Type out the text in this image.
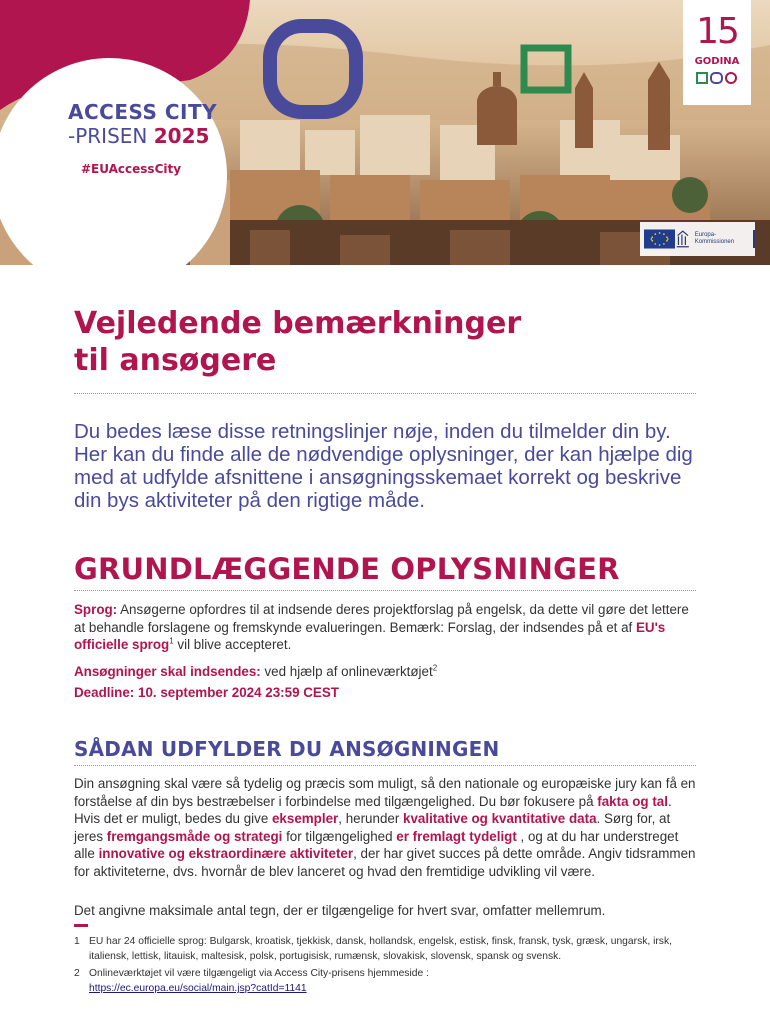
ACCESS CITY
-PRISEN 2025
#EUAccessCity
15
GODINA
Europa-Kommissionen
Vejledende bemærkninger
til ansøgere
Du bedes læse disse retningslinjer nøje, inden du tilmelder din by. Her kan du finde alle de nødvendige oplysninger, der kan hjælpe dig med at udfylde afsnittene i ansøgningsskemaet korrekt og beskrive din bys aktiviteter på den rigtige måde.
GRUNDLÆGGENDE OPLYSNINGER
Sprog: Ansøgerne opfordres til at indsende deres projektforslag på engelsk, da dette vil gøre det lettere at behandle forslagene og fremskynde evalueringen. Bemærk: Forslag, der indsendes på et af EU's officielle sprog$^1$ vil blive accepteret.
Ansøgninger skal indsendes: ved hjælp af onlineværktøjet$^2$
Deadline: 10. september 2024 23:59 CEST
SÅDAN UDFYLDER DU ANSØGNINGEN
Din ansøgning skal være så tydelig og præcis som muligt, så den nationale og europæiske jury kan få en forståelse af din bys bestræbelser i forbindelse med tilgængelighed. Du bør fokusere på fakta og tal. Hvis det er muligt, bedes du give eksempler, herunder kvalitative og kvantitative data. Sørg for, at jeres fremgangsmåde og strategi for tilgængelighed er fremlagt tydeligt , og at du har understreget alle innovative og ekstraordinære aktiviteter, der har givet succes på dette område. Angiv tidsrammen for aktiviteterne, dvs. hvornår de blev lanceret og hvad den fremtidige udvikling vil være.
Det angivne maksimale antal tegn, der er tilgængelige for hvert svar, omfatter mellemrum.
1 EU har 24 officielle sprog: Bulgarsk, kroatisk, tjekkisk, dansk, hollandsk, engelsk, estisk, finsk, fransk, tysk, græsk, ungarsk, irsk, italiensk, lettisk, litauisk, maltesisk, polsk, portugisisk, rumænsk, slovakisk, slovensk, spansk og svensk.
2 Onlineværktøjet vil være tilgængeligt via Access City-prisens hjemmeside :
https://ec.europa.eu/social/main.jsp?catId=1141
